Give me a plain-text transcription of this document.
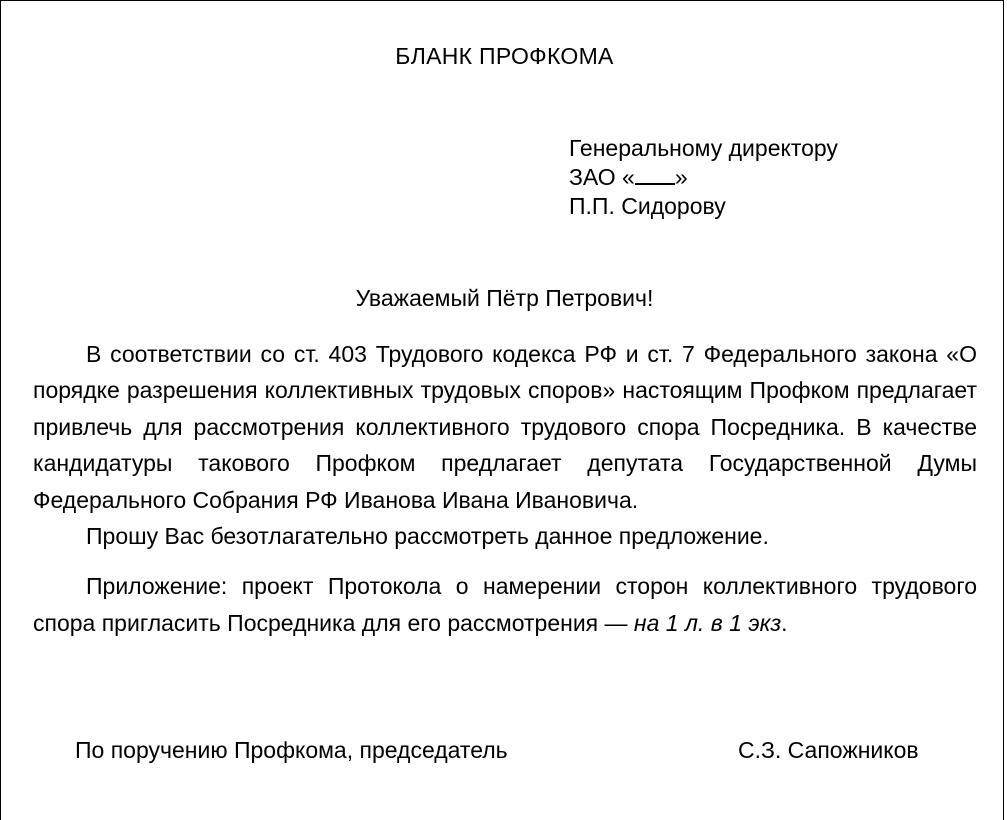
БЛАНК ПРОФКОМА
Генеральному директору
ЗАО « »
П.П. Сидорову
Уважаемый Пётр Петрович!

В соответствии со ст. 403 Трудового кодекса РФ и ст. 7 Федерального закона «О порядке разрешения коллективных трудовых споров» настоящим Профком предлагает привлечь для рассмотрения коллективного трудового спора Посредника. В качестве кандидатуры такового Профком предлагает депутата Государственной Думы Федерального Собрания РФ Иванова Ивана Ивановича.

Прошу Вас безотлагательно рассмотреть данное предложение.

Приложение: проект Протокола о намерении сторон коллективного трудового спора пригласить Посредника для его рассмотрения — на 1 л. в 1 экз.

По поручению Профкома, председатель	С.З. Сапожников
